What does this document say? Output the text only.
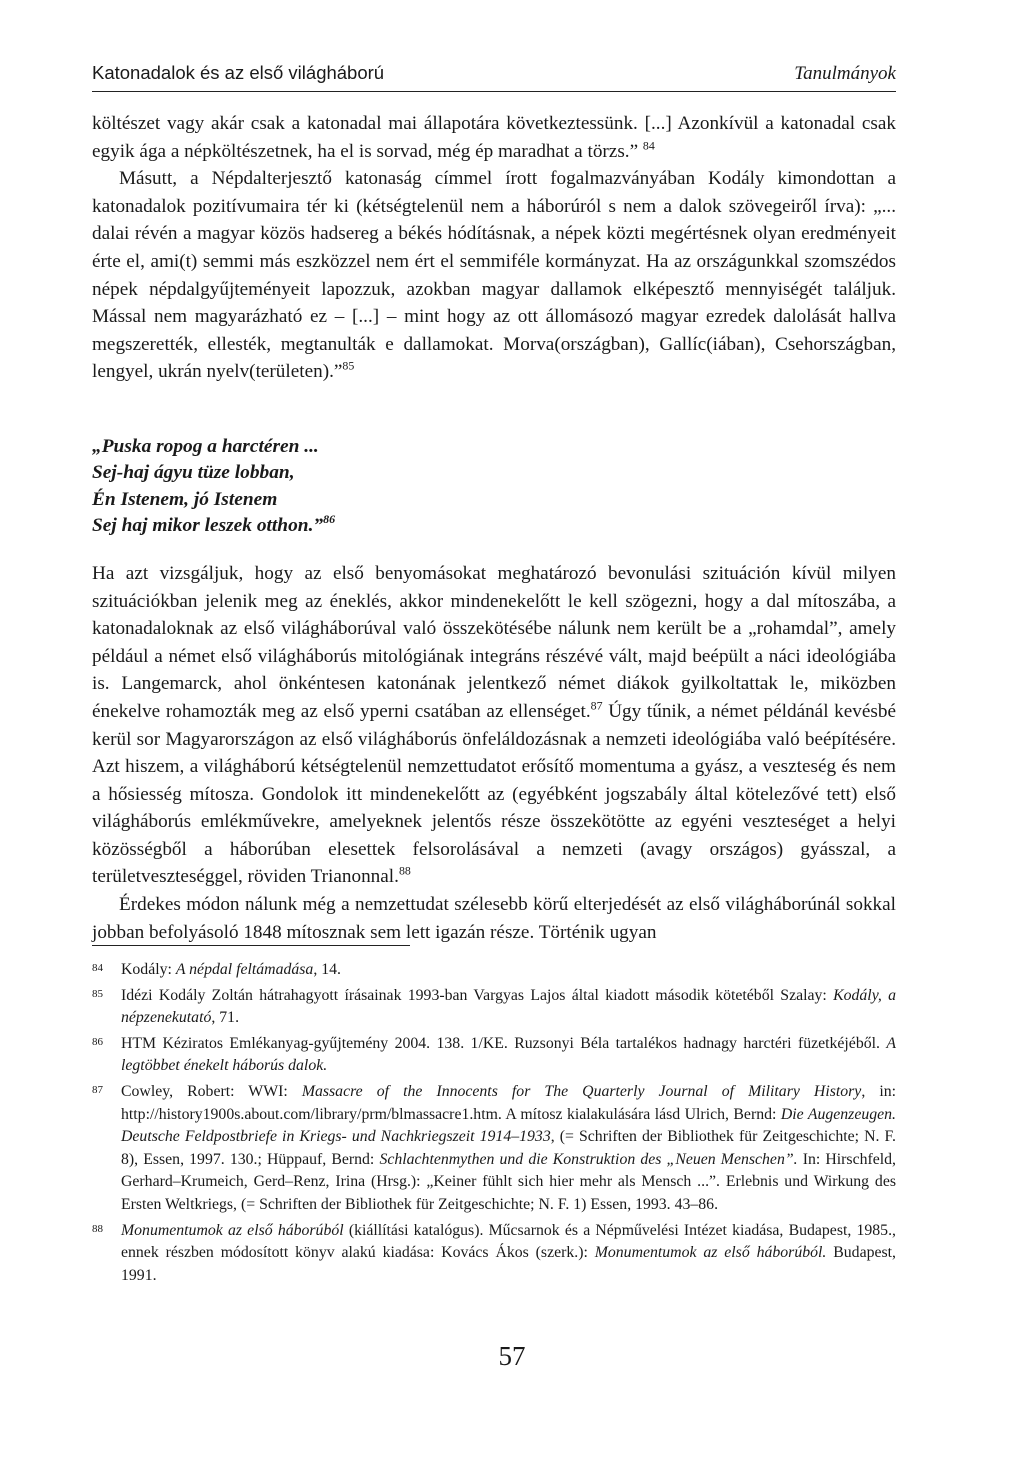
Katonadalok és az első világháború	Tanulmányok

költészet vagy akár csak a katonadal mai állapotára következtessünk. [...] Azonkívül a katonadal csak egyik ága a népköltészetnek, ha el is sorvad, még ép maradhat a törzs.” $^{84}$

Másutt, a Népdalterjesztő katonaság címmel írott fogalmazványában Kodály kimondottan a katonadalok pozitívumaira tér ki (kétségtelenül nem a háborúról s nem a dalok szövegeiről írva): „... dalai révén a magyar közös hadsereg a békés hódításnak, a népek közti megértésnek olyan eredményeit érte el, ami(t) semmi más eszközzel nem ért el semmiféle kormányzat. Ha az országunkkal szomszédos népek népdalgyűjteményeit lapozzuk, azokban magyar dallamok elképesztő mennyiségét találjuk. Mással nem magyarázható ez – [...] – mint hogy az ott állomásozó magyar ezredek dalolását hallva megszerették, ellesték, megtanulták e dallamokat. Morva(országban), Gallíc(iában), Csehországban, lengyel, ukrán nyelv(területen).”$^{85}$

„Puska ropog a harctéren ...
Sej-haj ágyu tüze lobban,
Én Istenem, jó Istenem
Sej haj mikor leszek otthon.”$^{86}$

Ha azt vizsgáljuk, hogy az első benyomásokat meghatározó bevonulási szituáción kívül milyen szituációkban jelenik meg az éneklés, akkor mindenekelőtt le kell szögezni, hogy a dal mítoszába, a katonadaloknak az első világháborúval való összekötésébe nálunk nem került be a „rohamdal”, amely például a német első világháborús mitológiának integráns részévé vált, majd beépült a náci ideológiába is. Langemarck, ahol önkéntesen katonának jelentkező német diákok gyilkoltattak le, miközben énekelve rohamozták meg az első yperni csatában az ellenséget.$^{87}$ Úgy tűnik, a német példánál kevésbé kerül sor Magyarországon az első világháborús önfeláldozásnak a nemzeti ideológiába való beépítésére. Azt hiszem, a világháború kétségtelenül nemzettudatot erősítő momentuma a gyász, a veszteség és nem a hősiesség mítosza. Gondolok itt mindenekelőtt az (egyébként jogszabály által kötelezővé tett) első világháborús emlékművekre, amelyeknek jelentős része összekötötte az egyéni veszteséget a helyi közösségből a háborúban elesettek felsorolásával a nemzeti (avagy országos) gyásszal, a területveszteséggel, röviden Trianonnal.$^{88}$

Érdekes módon nálunk még a nemzettudat szélesebb körű elterjedését az első világháborúnál sokkal jobban befolyásoló 1848 mítosznak sem lett igazán része. Történik ugyan

84	Kodály: A népdal feltámadása, 14.
85	Idézi Kodály Zoltán hátrahagyott írásainak 1993-ban Vargyas Lajos által kiadott második kötetéből Szalay: Kodály, a népzenekutató, 71.
86	HTM Kéziratos Emlékanyag-gyűjtemény 2004. 138. 1/KE. Ruzsonyi Béla tartalékos hadnagy harctéri füzetkéjéből. A legtöbbet énekelt háborús dalok.
87	Cowley, Robert: WWI: Massacre of the Innocents for The Quarterly Journal of Military History, in: http://history1900s.about.com/library/prm/blmassacre1.htm. A mítosz kialakulására lásd Ulrich, Bernd: Die Augenzeugen. Deutsche Feldpostbriefe in Kriegs- und Nachkriegszeit 1914–1933, (= Schriften der Bibliothek für Zeitgeschichte; N. F. 8), Essen, 1997. 130.; Hüppauf, Bernd: Schlachtenmythen und die Konstruktion des „Neuen Menschen”. In: Hirschfeld, Gerhard–Krumeich, Gerd–Renz, Irina (Hrsg.): „Keiner fühlt sich hier mehr als Mensch ...”. Erlebnis und Wirkung des Ersten Weltkriegs, (= Schriften der Bibliothek für Zeitgeschichte; N. F. 1) Essen, 1993. 43–86.
88	Monumentumok az első háborúból (kiállítási katalógus). Műcsarnok és a Népművelési Intézet kiadása, Budapest, 1985., ennek részben módosított könyv alakú kiadása: Kovács Ákos (szerk.): Monumentumok az első háborúból. Budapest, 1991.
57
